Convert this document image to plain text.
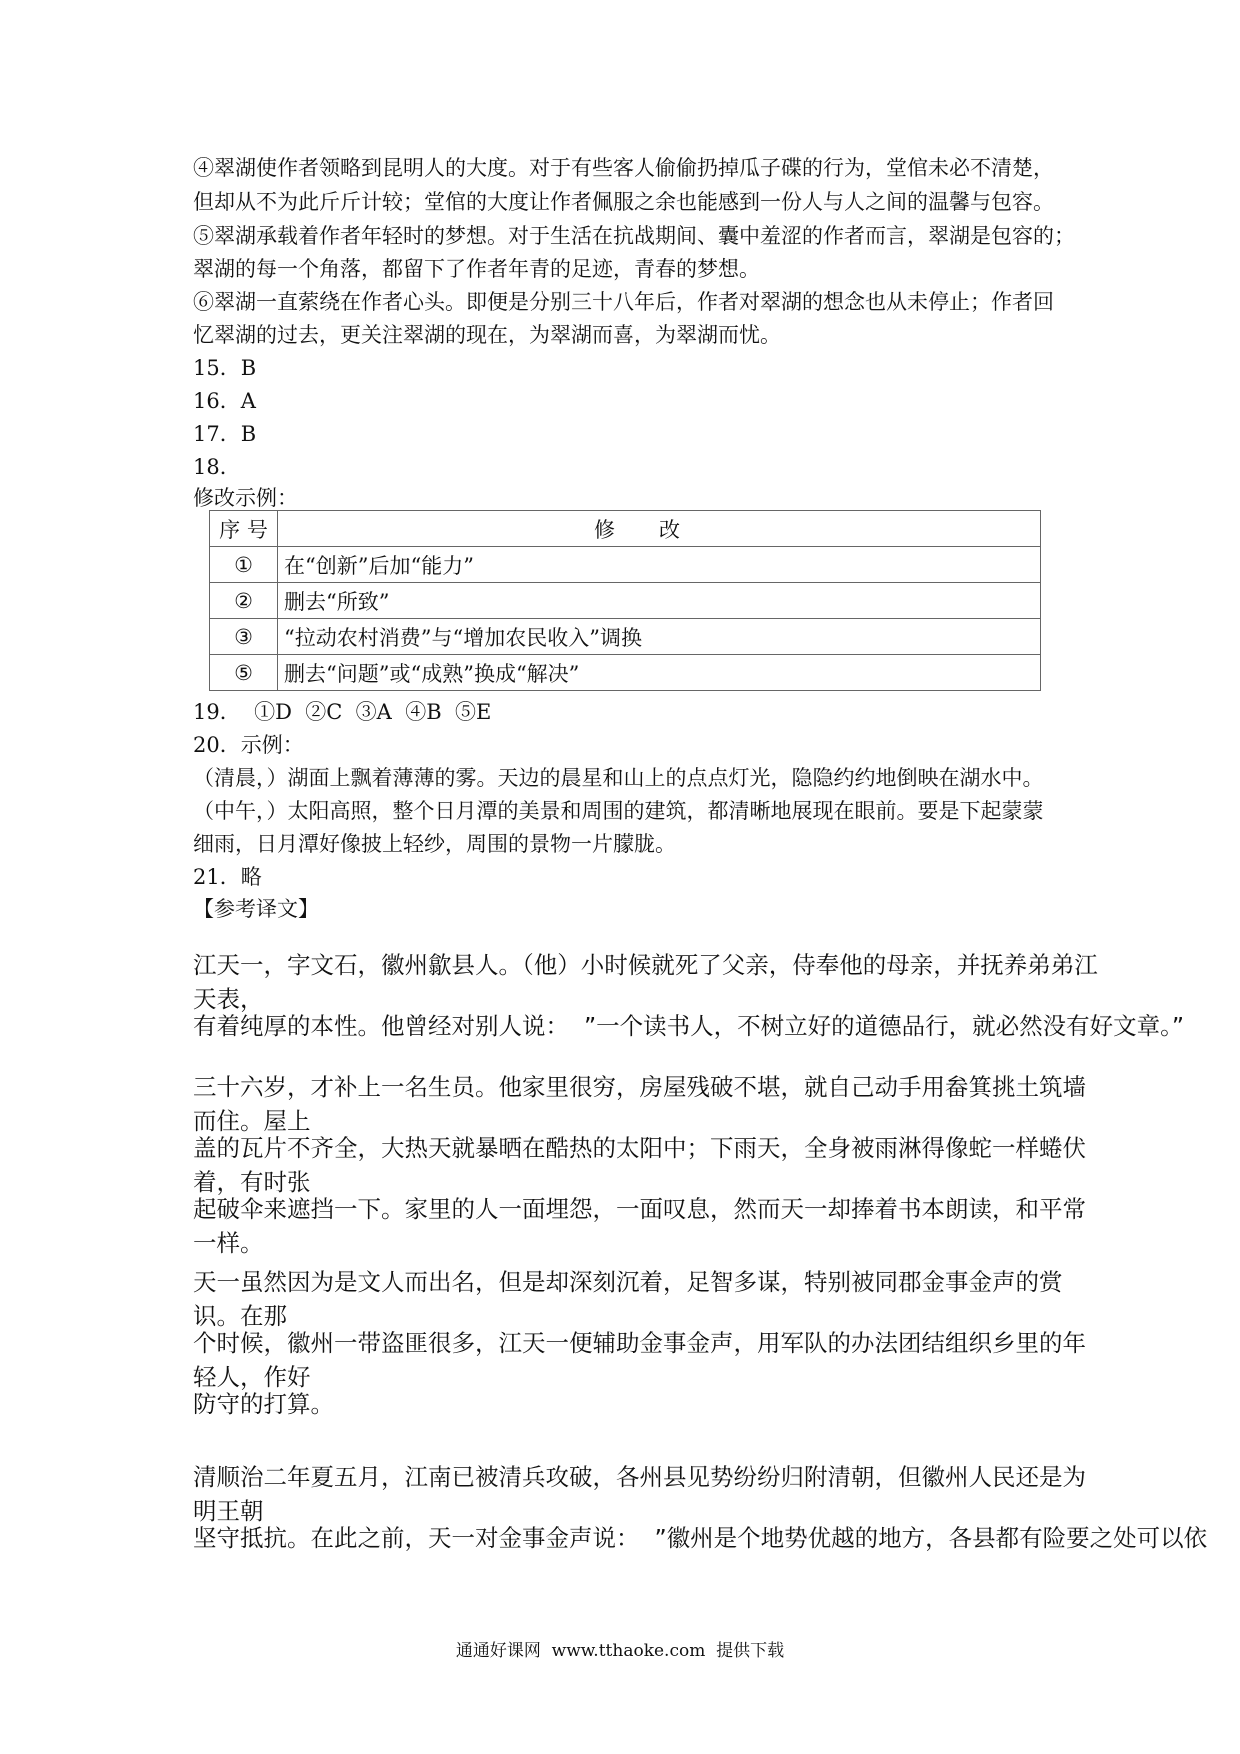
④翠湖使作者领略到昆明人的大度。对于有些客人偷偷扔掉瓜子碟的行为，堂倌未必不清楚，
但却从不为此斤斤计较；堂倌的大度让作者佩服之余也能感到一份人与人之间的温馨与包容。
⑤翠湖承载着作者年轻时的梦想。对于生活在抗战期间、囊中羞涩的作者而言，翠湖是包容的；
翠湖的每一个角落，都留下了作者年青的足迹，青春的梦想。
⑥翠湖一直萦绕在作者心头。即便是分别三十八年后，作者对翠湖的想念也从未停止；作者回
忆翠湖的过去，更关注翠湖的现在，为翠湖而喜，为翠湖而忧。
15．B
16．A
17．B
18．
修改示例：
序 号	修改
①	在“创新”后加“能力”
②	删去“所致”
③	“拉动农村消费”与“增加农民收入”调换
⑤	删去“问题”或“成熟”换成“解决”
19．  ①D  ②C  ③A  ④B  ⑤E
20．示例：
（清晨，）湖面上飘着薄薄的雾。天边的晨星和山上的点点灯光，隐隐约约地倒映在湖水中。
（中午，）太阳高照，整个日月潭的美景和周围的建筑，都清晰地展现在眼前。要是下起蒙蒙
细雨，日月潭好像披上轻纱，周围的景物一片朦胧。
21．略
【参考译文】
江天一，字文石，徽州歙县人。（他）小时候就死了父亲，侍奉他的母亲，并抚养弟弟江天表，
有着纯厚的本性。他曾经对别人说：  ”一个读书人，不树立好的道德品行，就必然没有好文章。”
三十六岁，才补上一名生员。他家里很穷，房屋残破不堪，就自己动手用畚箕挑土筑墙而住。屋上
盖的瓦片不齐全，大热天就暴晒在酷热的太阳中；下雨天，全身被雨淋得像蛇一样蜷伏着，有时张
起破伞来遮挡一下。家里的人一面埋怨，一面叹息，然而天一却捧着书本朗读，和平常一样。
天一虽然因为是文人而出名，但是却深刻沉着，足智多谋，特别被同郡金事金声的赏识。在那
个时候，徽州一带盗匪很多，江天一便辅助金事金声，用军队的办法团结组织乡里的年轻人，作好
防守的打算。
清顺治二年夏五月，江南已被清兵攻破，各州县见势纷纷归附清朝，但徽州人民还是为明王朝
坚守抵抗。在此之前，天一对金事金声说：  ”徽州是个地势优越的地方，各县都有险要之处可以依
通通好课网  www.tthaoke.com  提供下载
